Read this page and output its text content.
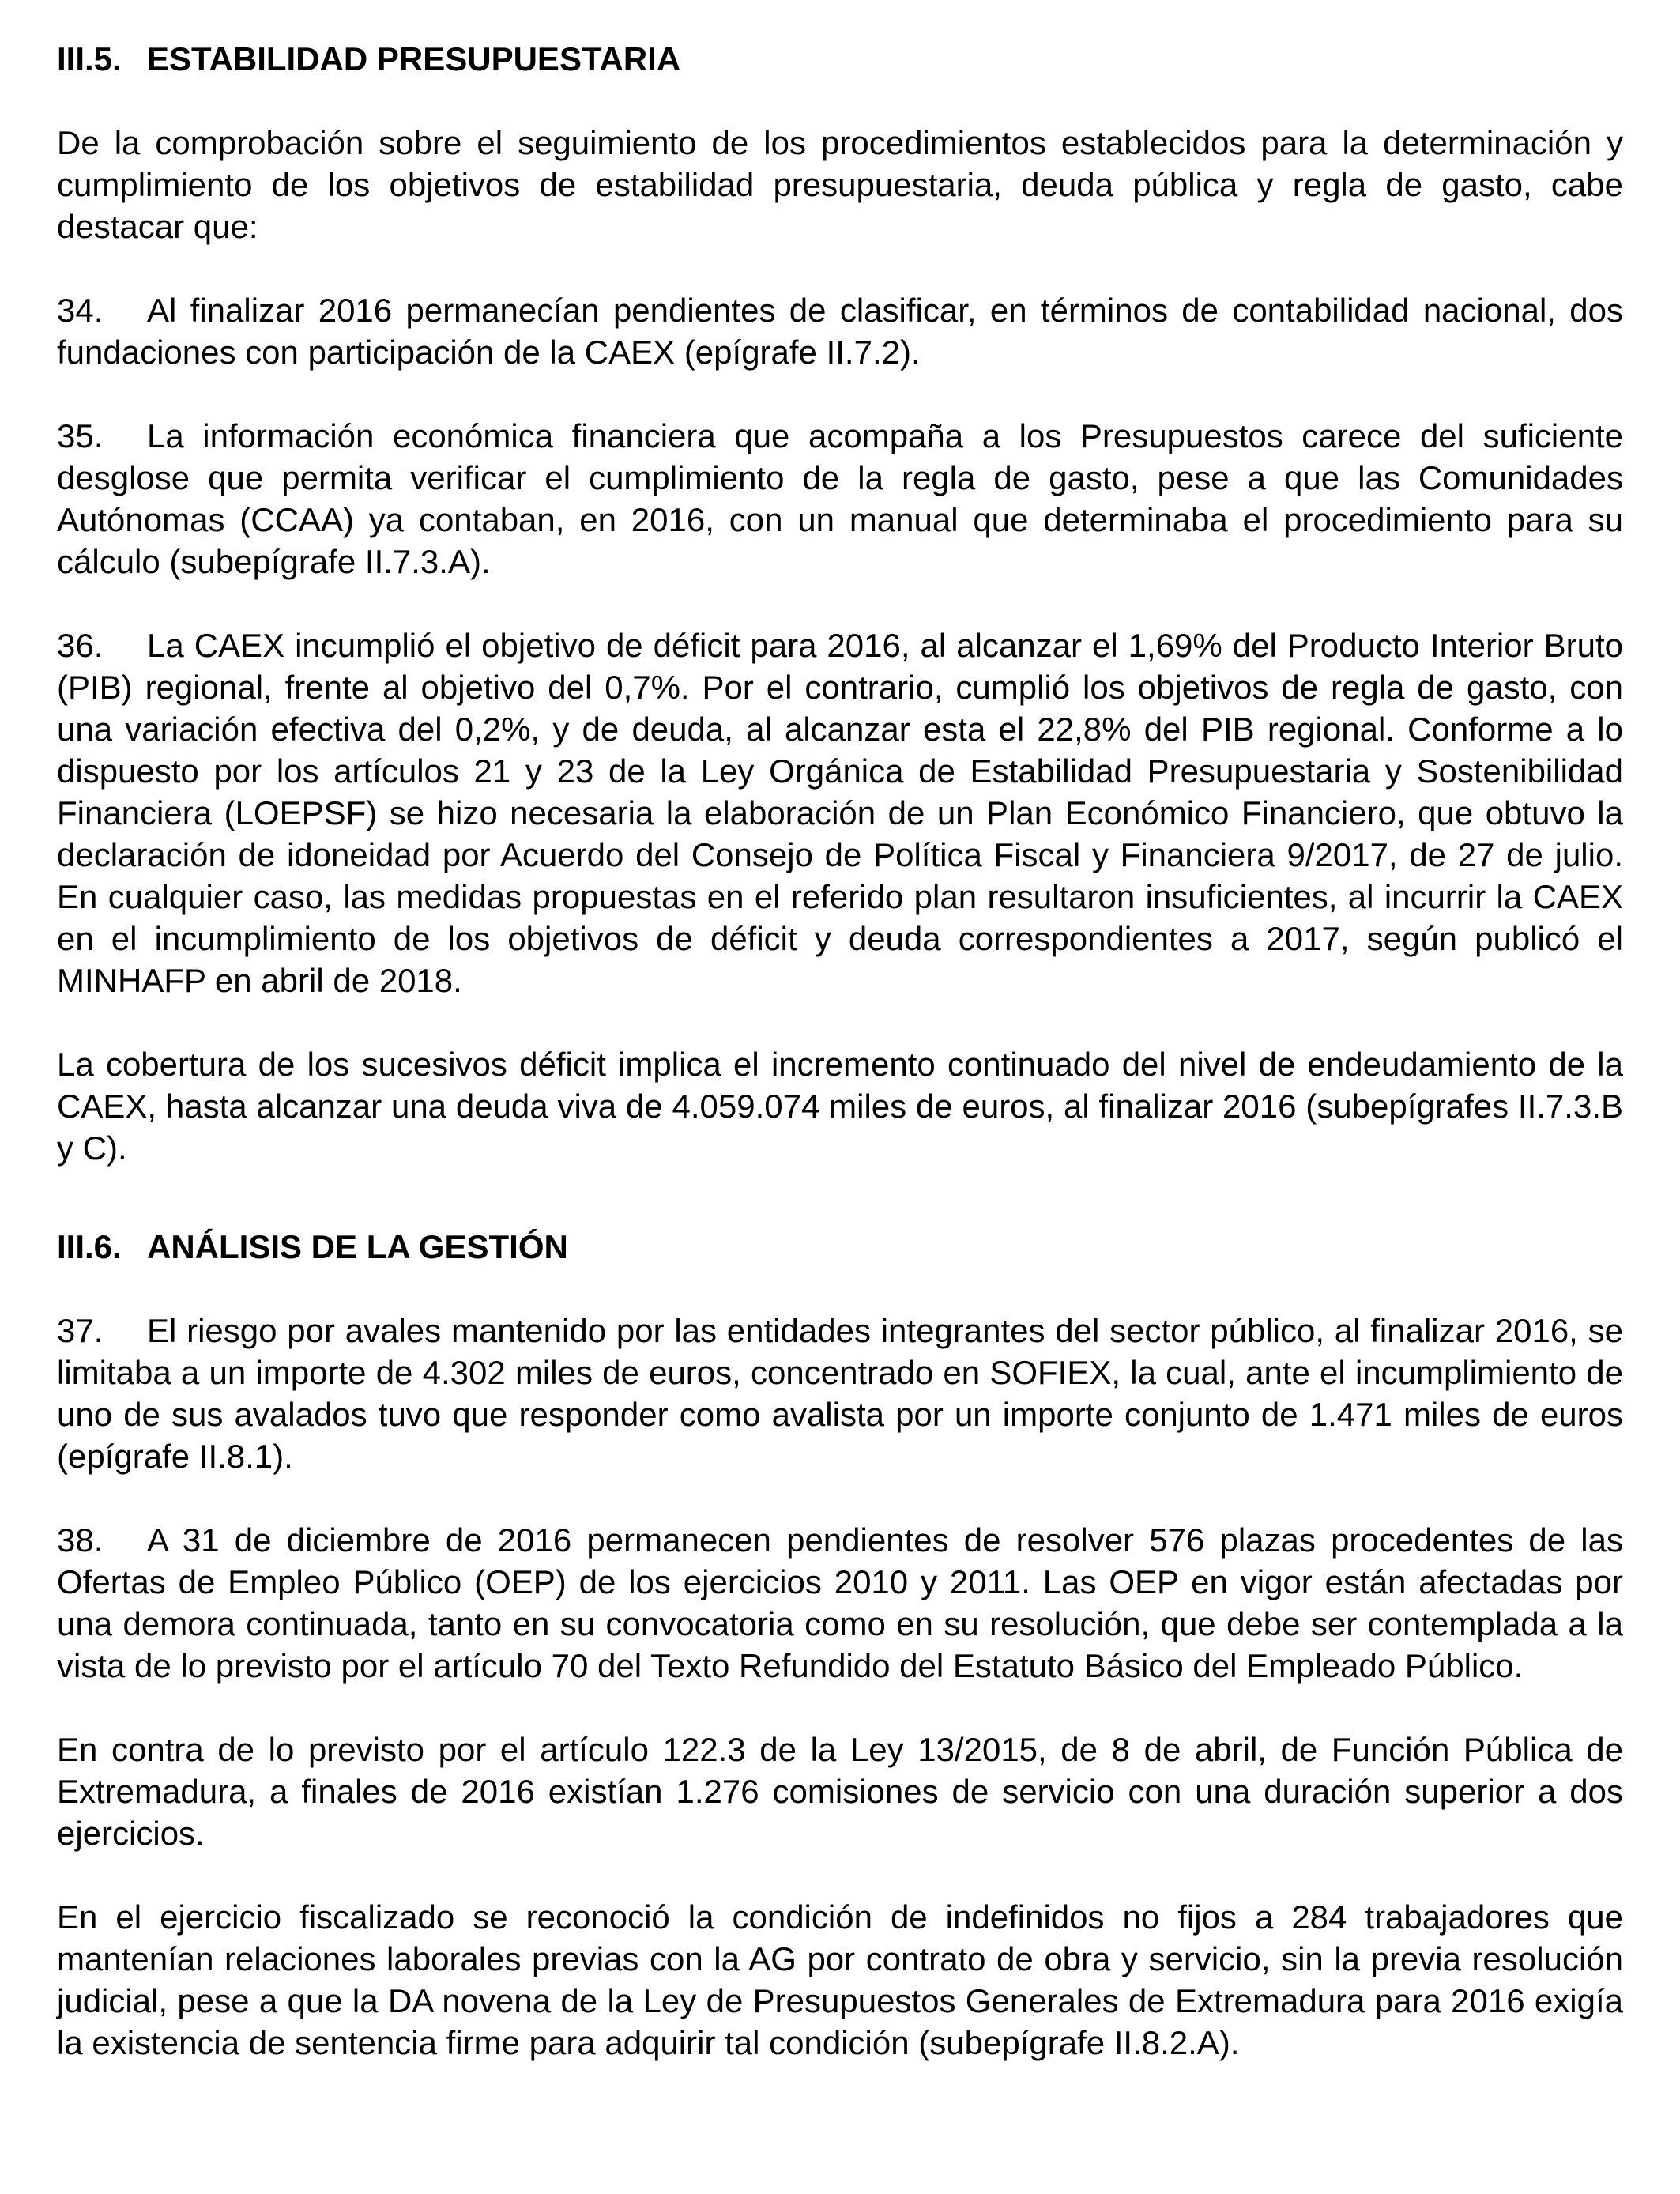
III.5. ESTABILIDAD PRESUPUESTARIA

De la comprobación sobre el seguimiento de los procedimientos establecidos para la determinación y cumplimiento de los objetivos de estabilidad presupuestaria, deuda pública y regla de gasto, cabe destacar que:

34. Al finalizar 2016 permanecían pendientes de clasificar, en términos de contabilidad nacional, dos fundaciones con participación de la CAEX (epígrafe II.7.2).

35. La información económica financiera que acompaña a los Presupuestos carece del suficiente desglose que permita verificar el cumplimiento de la regla de gasto, pese a que las Comunidades Autónomas (CCAA) ya contaban, en 2016, con un manual que determinaba el procedimiento para su cálculo (subepígrafe II.7.3.A).

36. La CAEX incumplió el objetivo de déficit para 2016, al alcanzar el 1,69% del Producto Interior Bruto (PIB) regional, frente al objetivo del 0,7%. Por el contrario, cumplió los objetivos de regla de gasto, con una variación efectiva del 0,2%, y de deuda, al alcanzar esta el 22,8% del PIB regional. Conforme a lo dispuesto por los artículos 21 y 23 de la Ley Orgánica de Estabilidad Presupuestaria y Sostenibilidad Financiera (LOEPSF) se hizo necesaria la elaboración de un Plan Económico Financiero, que obtuvo la declaración de idoneidad por Acuerdo del Consejo de Política Fiscal y Financiera 9/2017, de 27 de julio. En cualquier caso, las medidas propuestas en el referido plan resultaron insuficientes, al incurrir la CAEX en el incumplimiento de los objetivos de déficit y deuda correspondientes a 2017, según publicó el MINHAFP en abril de 2018.

La cobertura de los sucesivos déficit implica el incremento continuado del nivel de endeudamiento de la CAEX, hasta alcanzar una deuda viva de 4.059.074 miles de euros, al finalizar 2016 (subepígrafes II.7.3.B y C).

III.6. ANÁLISIS DE LA GESTIÓN

37. El riesgo por avales mantenido por las entidades integrantes del sector público, al finalizar 2016, se limitaba a un importe de 4.302 miles de euros, concentrado en SOFIEX, la cual, ante el incumplimiento de uno de sus avalados tuvo que responder como avalista por un importe conjunto de 1.471 miles de euros (epígrafe II.8.1).

38. A 31 de diciembre de 2016 permanecen pendientes de resolver 576 plazas procedentes de las Ofertas de Empleo Público (OEP) de los ejercicios 2010 y 2011. Las OEP en vigor están afectadas por una demora continuada, tanto en su convocatoria como en su resolución, que debe ser contemplada a la vista de lo previsto por el artículo 70 del Texto Refundido del Estatuto Básico del Empleado Público.

En contra de lo previsto por el artículo 122.3 de la Ley 13/2015, de 8 de abril, de Función Pública de Extremadura, a finales de 2016 existían 1.276 comisiones de servicio con una duración superior a dos ejercicios.

En el ejercicio fiscalizado se reconoció la condición de indefinidos no fijos a 284 trabajadores que mantenían relaciones laborales previas con la AG por contrato de obra y servicio, sin la previa resolución judicial, pese a que la DA novena de la Ley de Presupuestos Generales de Extremadura para 2016 exigía la existencia de sentencia firme para adquirir tal condición (subepígrafe II.8.2.A).
